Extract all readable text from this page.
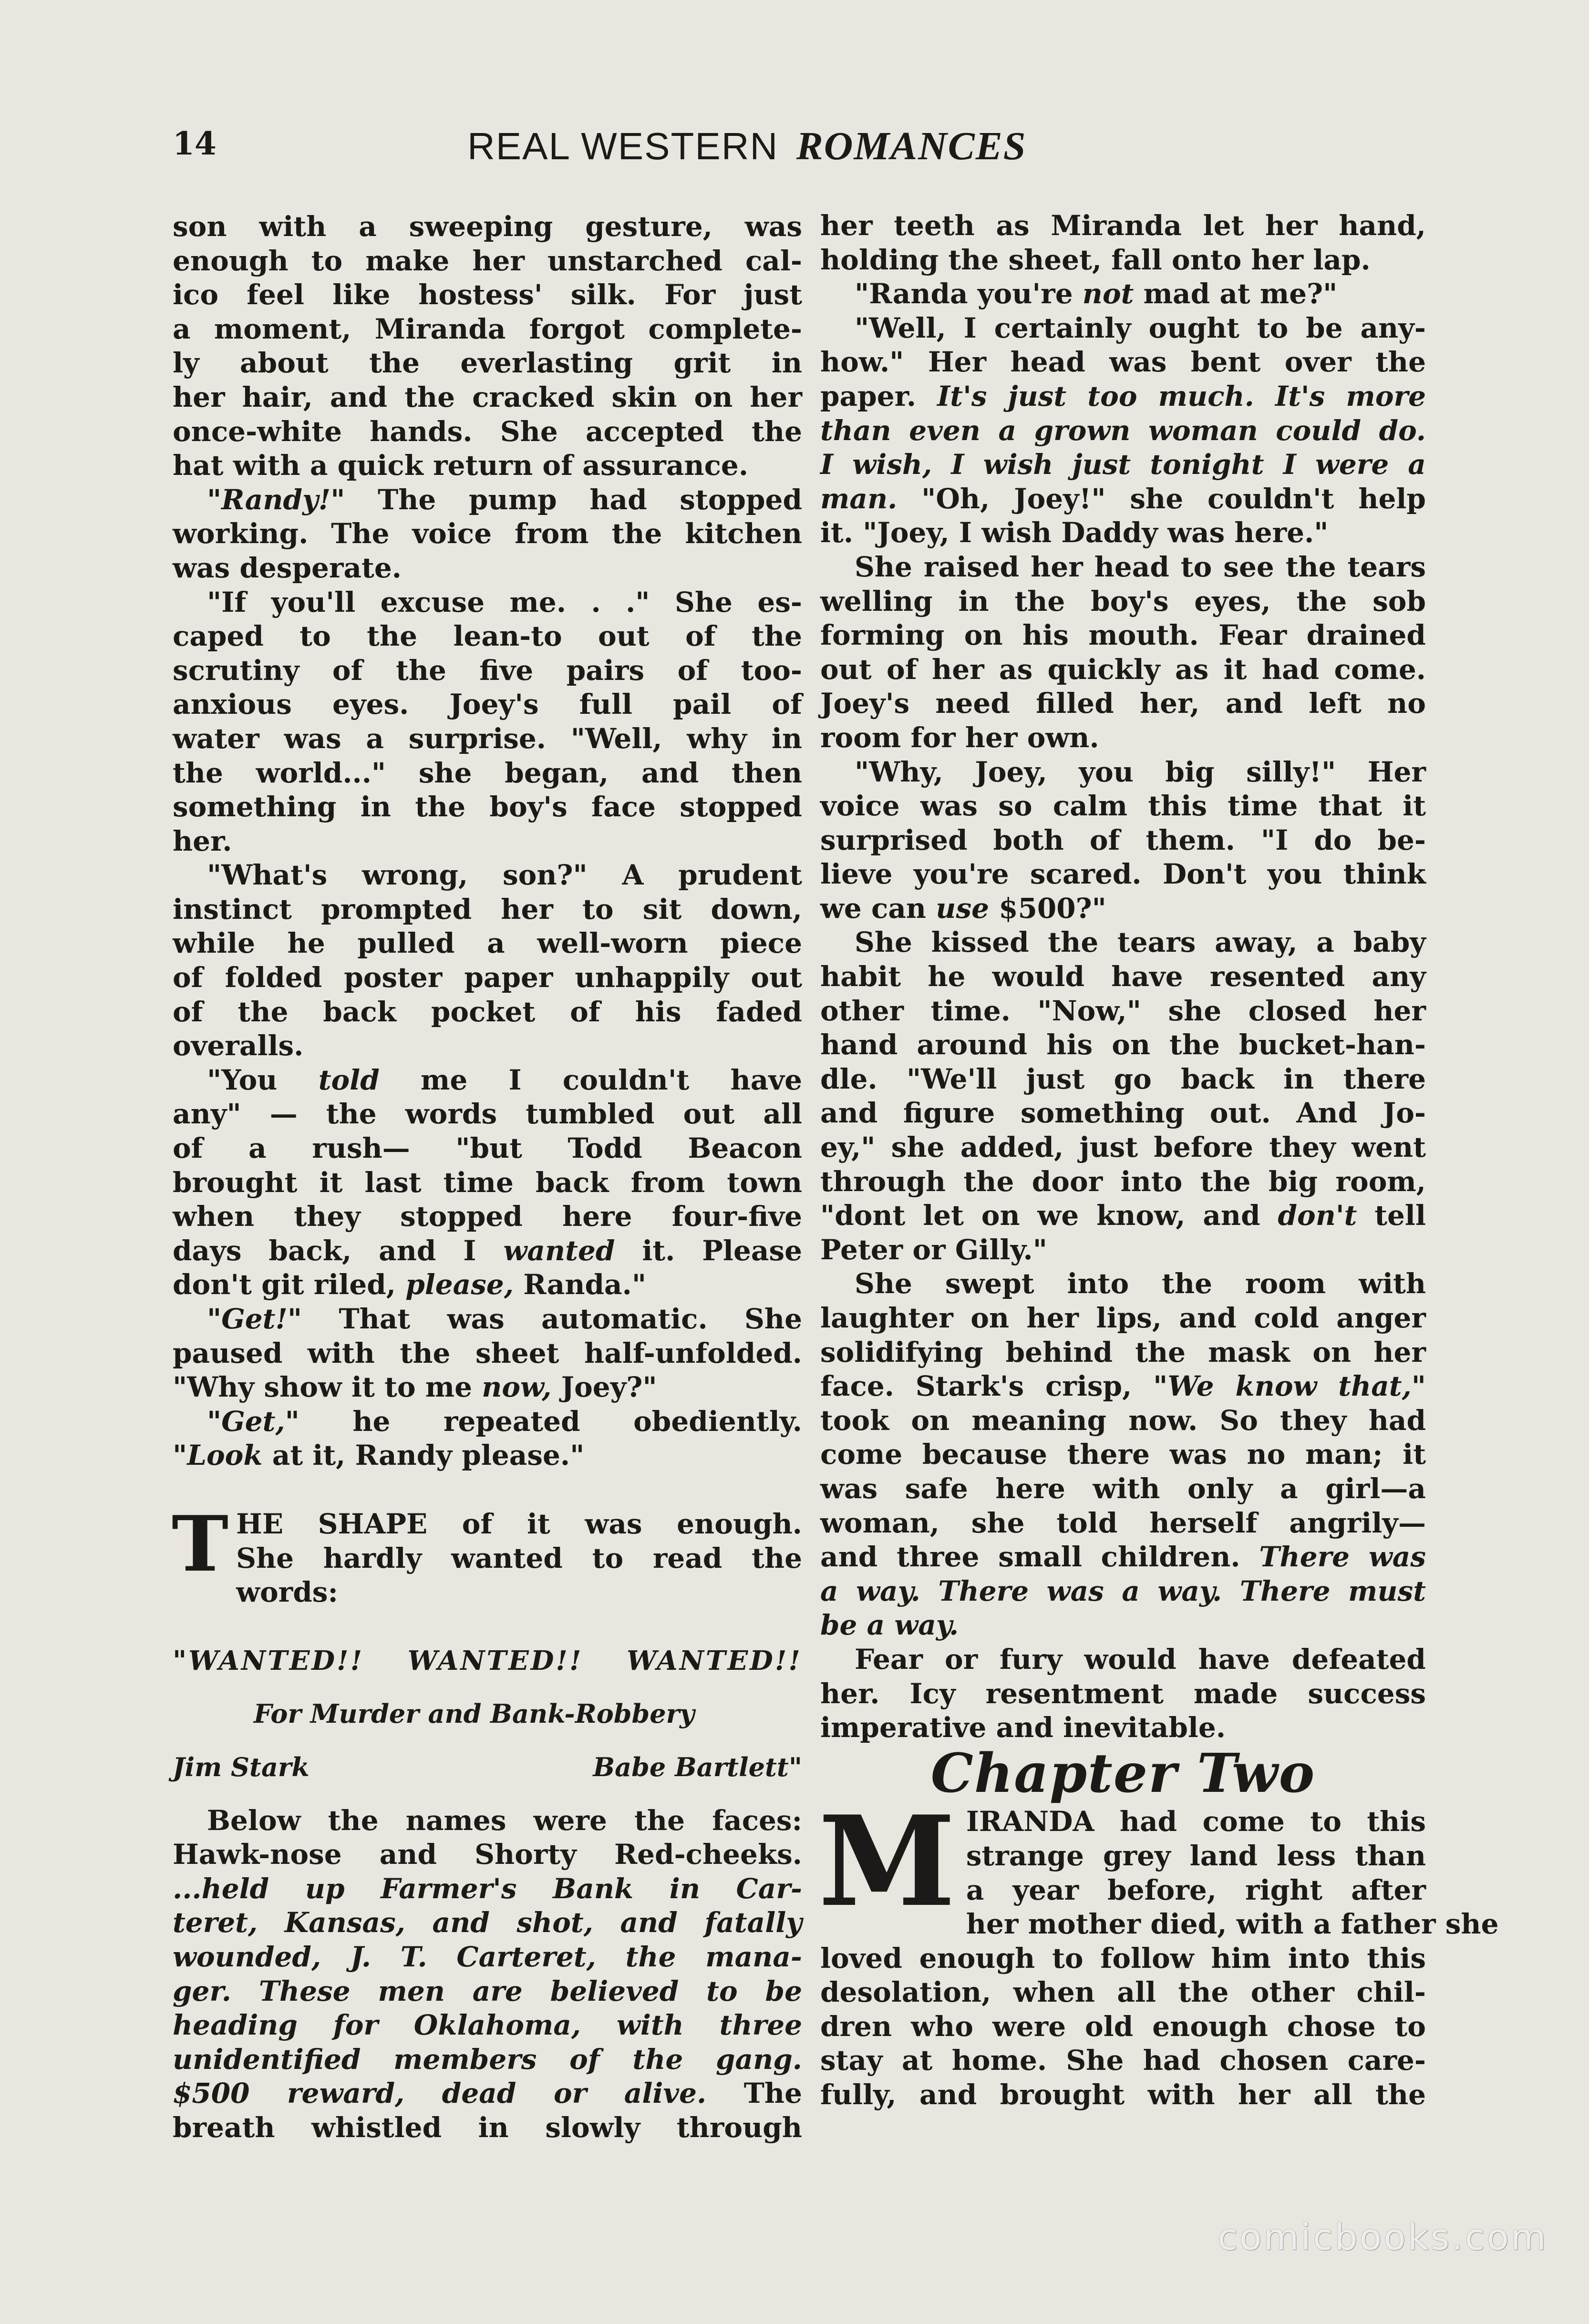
14	REAL WESTERN ROMANCES
son with a sweeping gesture, was
enough to make her unstarched cal-
ico feel like hostess' silk. For just
a moment, Miranda forgot complete-
ly about the everlasting grit in
her hair, and the cracked skin on her
once-white hands. She accepted the
hat with a quick return of assurance.
"Randy!" The pump had stopped
working. The voice from the kitchen
was desperate.
"If you'll excuse me. . ." She es-
caped to the lean-to out of the
scrutiny of the five pairs of too-
anxious eyes. Joey's full pail of
water was a surprise. "Well, why in
the world..." she began, and then
something in the boy's face stopped
her.
"What's wrong, son?" A prudent
instinct prompted her to sit down,
while he pulled a well-worn piece
of folded poster paper unhappily out
of the back pocket of his faded
overalls.
"You told me I couldn't have
any" — the words tumbled out all
of a rush— "but Todd Beacon
brought it last time back from town
when they stopped here four-five
days back, and I wanted it. Please
don't git riled, please, Randa."
"Get!" That was automatic. She
paused with the sheet half-unfolded.
"Why show it to me now, Joey?"
"Get," he repeated obediently.
"Look at it, Randy please."
T HE SHAPE of it was enough.
She hardly wanted to read the
words:
"WANTED!! WANTED!! WANTED!!
For Murder and Bank-Robbery
Jim Stark	Babe Bartlett"
Below the names were the faces:
Hawk-nose and Shorty Red-cheeks.
...held up Farmer's Bank in Car-
teret, Kansas, and shot, and fatally
wounded, J. T. Carteret, the mana-
ger. These men are believed to be
heading for Oklahoma, with three
unidentified members of the gang.
$500 reward, dead or alive. The
breath whistled in slowly through
her teeth as Miranda let her hand,
holding the sheet, fall onto her lap.
"Randa you're not mad at me?"
"Well, I certainly ought to be any-
how." Her head was bent over the
paper. It's just too much. It's more
than even a grown woman could do.
I wish, I wish just tonight I were a
man. "Oh, Joey!" she couldn't help
it. "Joey, I wish Daddy was here."
She raised her head to see the tears
welling in the boy's eyes, the sob
forming on his mouth. Fear drained
out of her as quickly as it had come.
Joey's need filled her, and left no
room for her own.
"Why, Joey, you big silly!" Her
voice was so calm this time that it
surprised both of them. "I do be-
lieve you're scared. Don't you think
we can use $500?"
She kissed the tears away, a baby
habit he would have resented any
other time. "Now," she closed her
hand around his on the bucket-han-
dle. "We'll just go back in there
and figure something out. And Jo-
ey," she added, just before they went
through the door into the big room,
"dont let on we know, and don't tell
Peter or Gilly."
She swept into the room with
laughter on her lips, and cold anger
solidifying behind the mask on her
face. Stark's crisp, "We know that,"
took on meaning now. So they had
come because there was no man; it
was safe here with only a girl—a
woman, she told herself angrily—
and three small children. There was
a way. There was a way. There must
be a way.
Fear or fury would have defeated
her. Icy resentment made success
imperative and inevitable.
Chapter Two
M IRANDA had come to this
strange grey land less than
a year before, right after
her mother died, with a father she
loved enough to follow him into this
desolation, when all the other chil-
dren who were old enough chose to
stay at home. She had chosen care-
fully, and brought with her all the
comicbooks.com
